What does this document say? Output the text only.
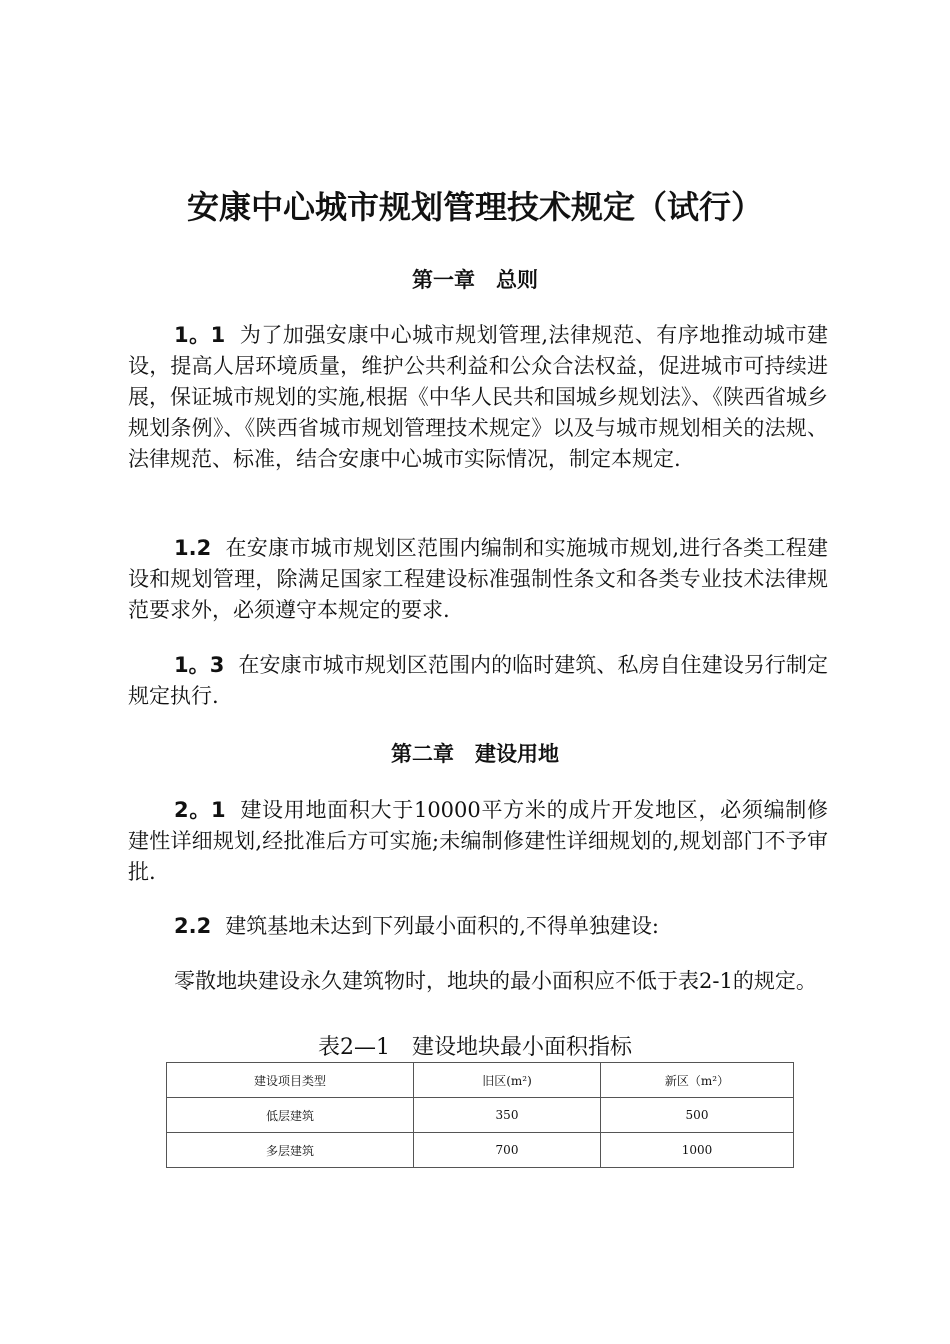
安康中心城市规划管理技术规定（试行）
第一章　总则
1。1 为了加强安康中心城市规划管理,法律规范、有序地推动城市建设，提高人居环境质量，维护公共利益和公众合法权益，促进城市可持续进展，保证城市规划的实施,根据《中华人民共和国城乡规划法》、《陕西省城乡规划条例》、《陕西省城市规划管理技术规定》以及与城市规划相关的法规、法律规范、标准，结合安康中心城市实际情况，制定本规定.
1.2 在安康市城市规划区范围内编制和实施城市规划,进行各类工程建设和规划管理，除满足国家工程建设标准强制性条文和各类专业技术法律规范要求外，必须遵守本规定的要求.
1。3 在安康市城市规划区范围内的临时建筑、私房自住建设另行制定规定执行.
第二章　建设用地
2。1 建设用地面积大于10000平方米的成片开发地区，必须编制修建性详细规划,经批准后方可实施;未编制修建性详细规划的,规划部门不予审批.
2.2 建筑基地未达到下列最小面积的,不得单独建设:
零散地块建设永久建筑物时，地块的最小面积应不低于表2-1的规定。
表2—1　建设地块最小面积指标
建设项目类型	旧区(m²)	新区（m²）
低层建筑	350	500
多层建筑	700	1000
